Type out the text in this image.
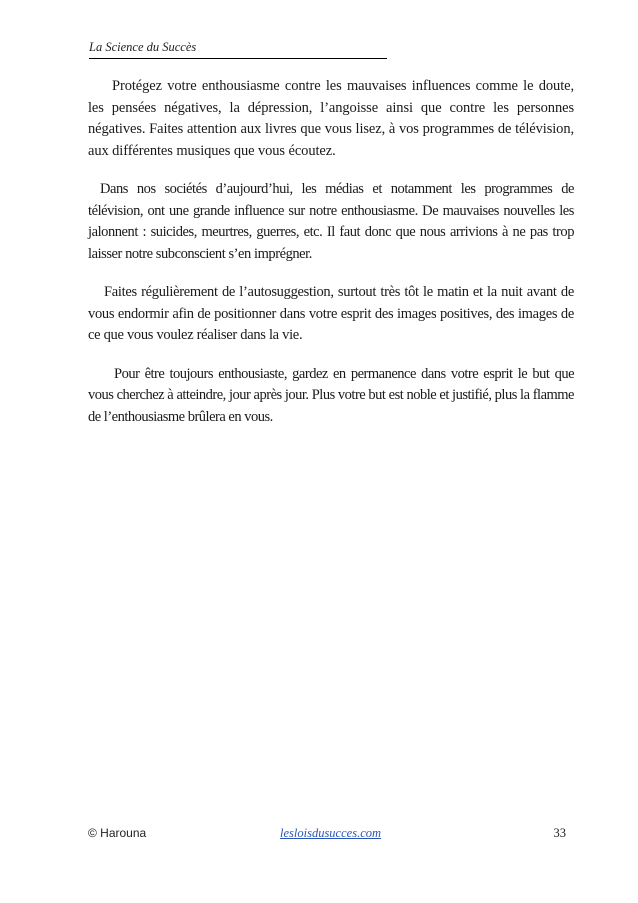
La Science du Succès

Protégez votre enthousiasme contre les mauvaises influences comme le doute, les pensées négatives, la dépression, l’angoisse ainsi que contre les personnes négatives. Faites attention aux livres que vous lisez, à vos programmes de télévision, aux différentes musiques que vous écoutez.

Dans nos sociétés d’aujourd’hui, les médias et notamment les programmes de télévision, ont une grande influence sur notre enthousiasme. De mauvaises nouvelles les jalonnent : suicides, meurtres, guerres, etc. Il faut donc que nous arrivions à ne pas trop laisser notre subconscient s’en imprégner.

Faites régulièrement de l’autosuggestion, surtout très tôt le matin et la nuit avant de vous endormir afin de positionner dans votre esprit des images positives, des images de ce que vous voulez réaliser dans la vie.

Pour être toujours enthousiaste, gardez en permanence dans votre esprit le but que vous cherchez à atteindre, jour après jour. Plus votre but est noble et justifié, plus la flamme de l’enthousiasme brûlera en vous.

© Harouna	lesloisdusucces.com	33
